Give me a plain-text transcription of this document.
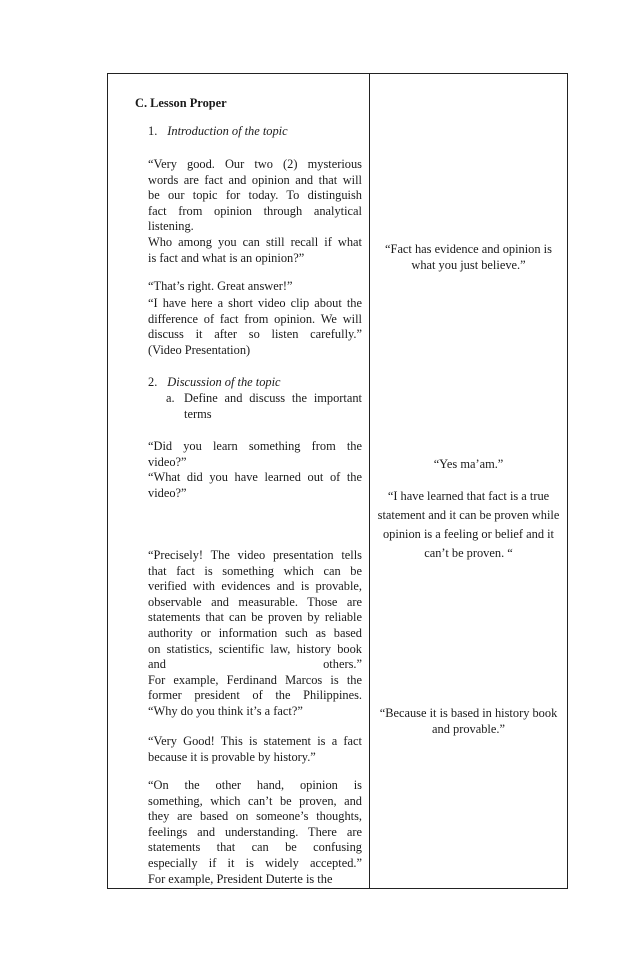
C. Lesson Proper
1. Introduction of the topic
“Very good. Our two (2) mysterious
words are fact and opinion and that will
be our topic for today. To distinguish
fact from opinion through analytical
listening.
Who among you can still recall if what
is fact and what is an opinion?”
“That’s right. Great answer!”
“I have here a short video clip about the
difference of fact from opinion. We will
discuss it after so listen carefully.”
(Video Presentation)
2. Discussion of the topic
a. Define and discuss the important
terms
“Did you learn something from the
video?”
“What did you have learned out of the
video?”
“Precisely! The video presentation tells
that fact is something which can be
verified with evidences and is provable,
observable and measurable. Those are
statements that can be proven by reliable
authority or information such as based
on statistics, scientific law, history book
and others.”
For example, Ferdinand Marcos is the
former president of the Philippines.
“Why do you think it’s a fact?”
“Very Good! This is statement is a fact
because it is provable by history.”
“On the other hand, opinion is
something, which can’t be proven, and
they are based on someone’s thoughts,
feelings and understanding. There are
statements that can be confusing
especially if it is widely accepted.”
For example, President Duterte is the
“Fact has evidence and opinion is
what you just believe.”
“Yes ma’am.”
“I have learned that fact is a true
statement and it can be proven while
opinion is a feeling or belief and it
can’t be proven. “
“Because it is based in history book
and provable.”
